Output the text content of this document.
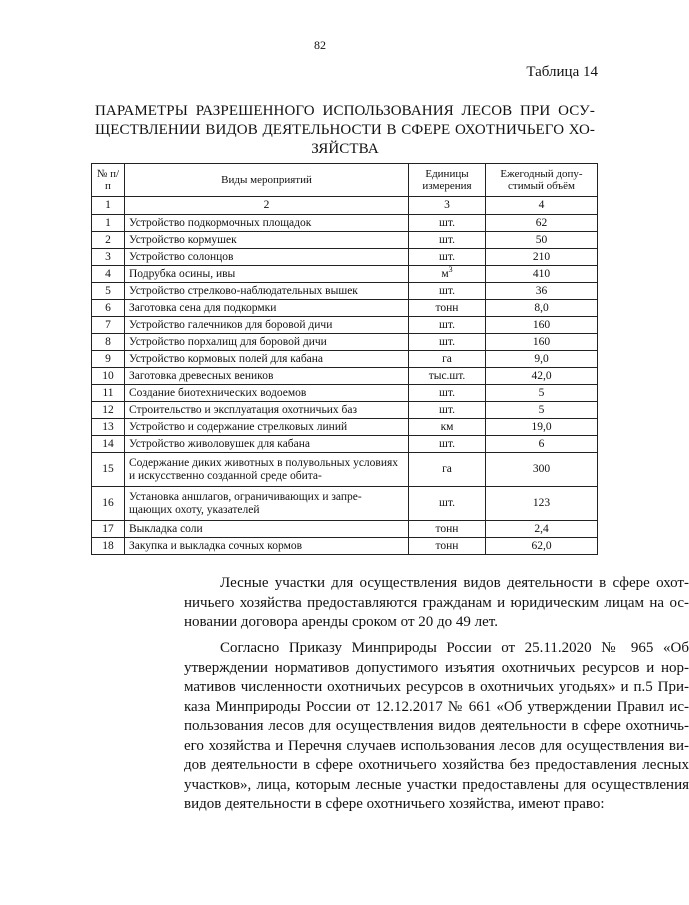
82
Таблица 14
ПАРАМЕТРЫ РАЗРЕШЕННОГО ИСПОЛЬЗОВАНИЯ ЛЕСОВ ПРИ ОСУ-ЩЕСТВЛЕНИИ ВИДОВ ДЕЯТЕЛЬНОСТИ В СФЕРЕ ОХОТНИЧЬЕГО ХО-ЗЯЙСТВА
№ п/п	Виды мероприятий	Единицы измерения	Ежегодный допу-стимый объём
1	2	3	4
1	Устройство подкормочных площадок	шт.	62
2	Устройство кормушек	шт.	50
3	Устройство солонцов	шт.	210
4	Подрубка осины, ивы	$м^3$	410
5	Устройство стрелково-наблюдательных вышек	шт.	36
6	Заготовка сена для подкормки	тонн	8,0
7	Устройство галечников для боровой дичи	шт.	160
8	Устройство порхалищ для боровой дичи	шт.	160
9	Устройство кормовых полей для кабана	га	9,0
10	Заготовка древесных веников	тыс.шт.	42,0
11	Создание биотехнических водоемов	шт.	5
12	Строительство и эксплуатация охотничьих баз	шт.	5
13	Устройство и содержание стрелковых линий	км	19,0
14	Устройство живоловушек для кабана	шт.	6
15	Содержание диких животных в полувольных условиях и искусственно созданной среде обита-	га	300
16	Установка аншлагов, ограничивающих и запре-щающих охоту, указателей	шт.	123
17	Выкладка соли	тонн	2,4
18	Закупка и выкладка сочных кормов	тонн	62,0

Лесные участки для осуществления видов деятельности в сфере охот-ничьего хозяйства предоставляются гражданам и юридическим лицам на ос-новании договора аренды сроком от 20 до 49 лет.

Согласно Приказу Минприроды России от 25.11.2020 № 965 «Об утверждении нормативов допустимого изъятия охотничьих ресурсов и нор-мативов численности охотничьих ресурсов в охотничьих угодьях» и п.5 При-каза Минприроды России от 12.12.2017 № 661 «Об утверждении Правил ис-пользования лесов для осуществления видов деятельности в сфере охотничь-его хозяйства и Перечня случаев использования лесов для осуществления ви-дов деятельности в сфере охотничьего хозяйства без предоставления лесных участков», лица, которым лесные участки предоставлены для осуществления видов деятельности в сфере охотничьего хозяйства, имеют право:
